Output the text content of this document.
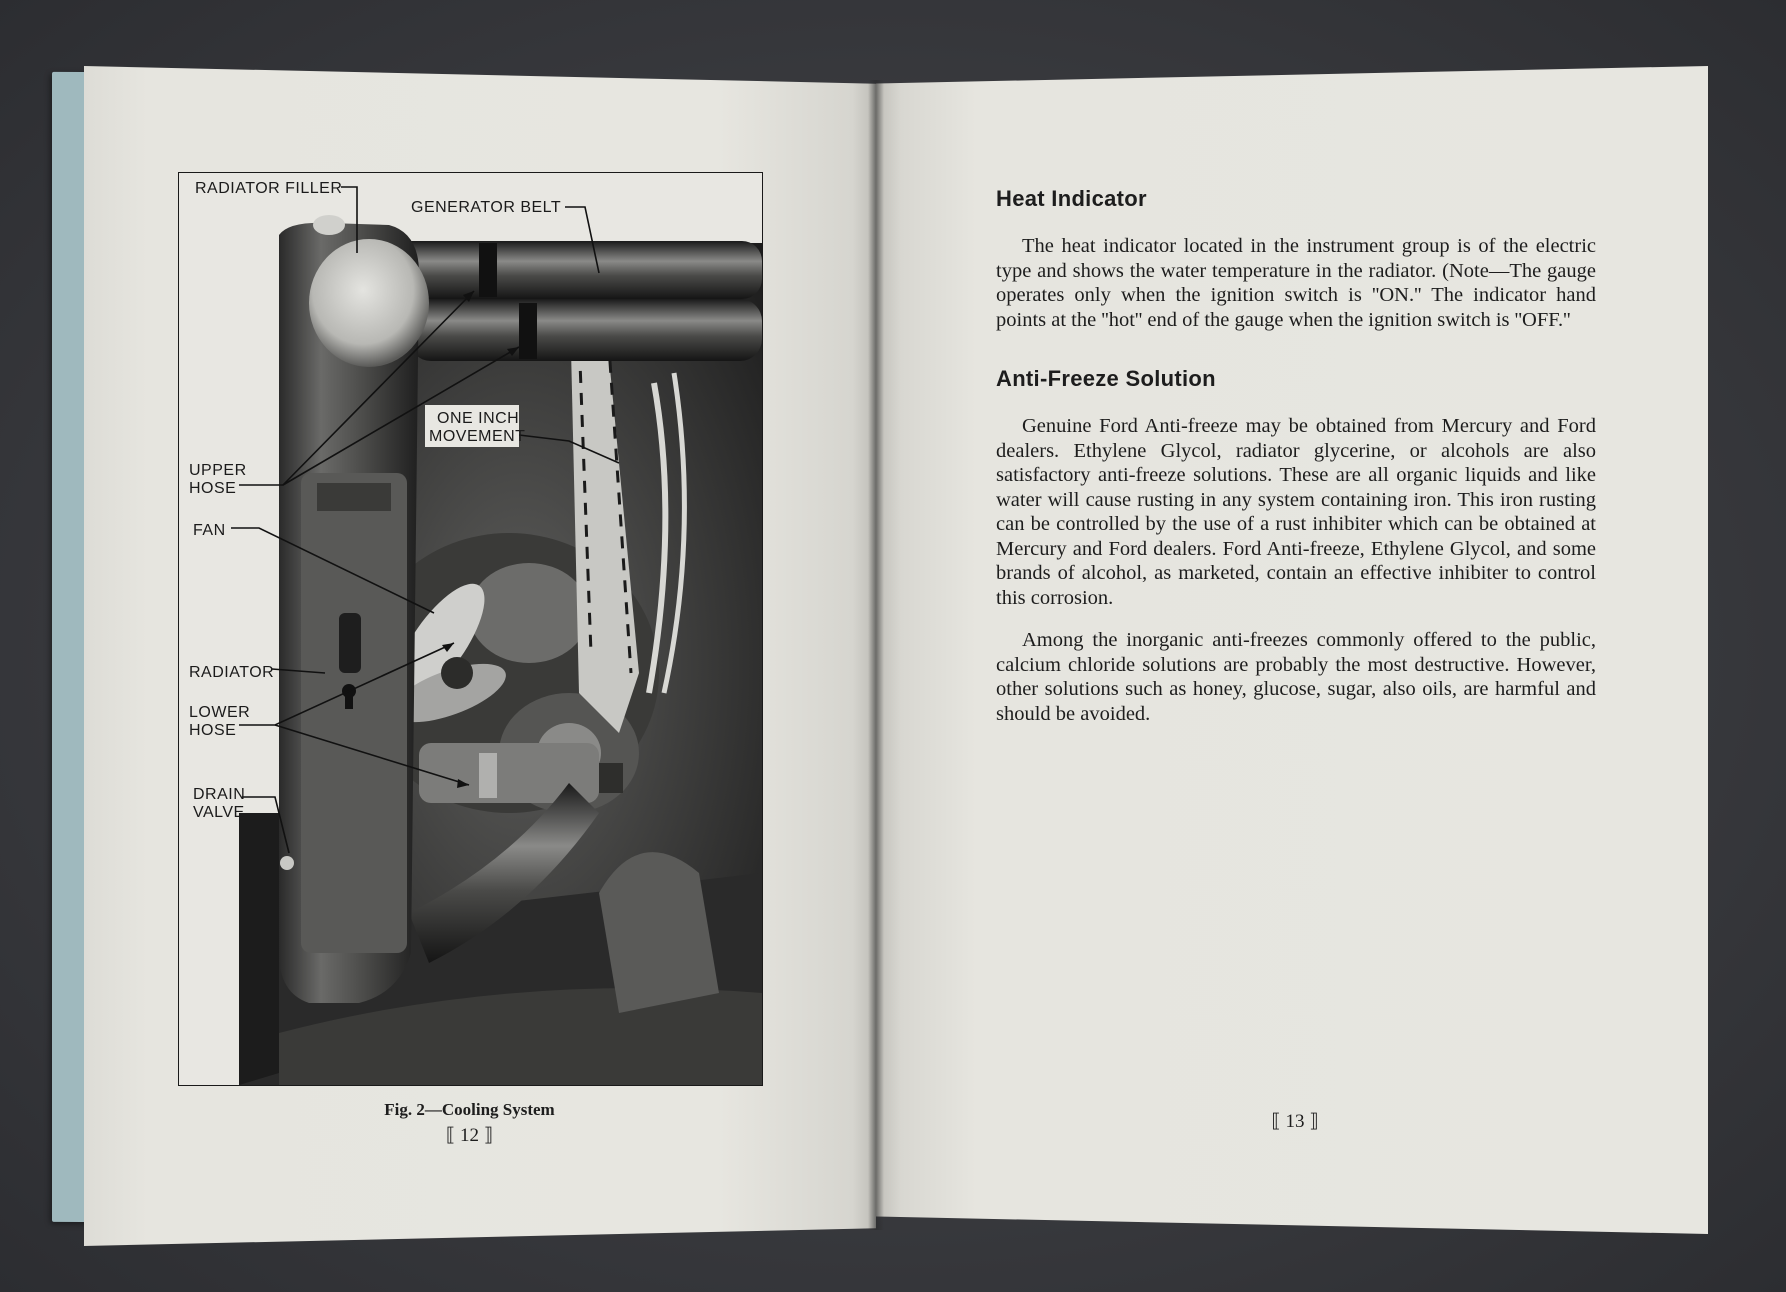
RADIATOR FILLER
GENERATOR BELT
ONE INCH
MOVEMENT
UPPER
HOSE
FAN
RADIATOR
LOWER
HOSE
DRAIN
VALVE
Fig. 2—Cooling System
⟦ 12 ⟧
Heat Indicator

The heat indicator located in the instrument group is of the electric type and shows the water temperature in the radiator. (Note—The gauge operates only when the ignition switch is ''ON.'' The indicator hand points at the ''hot'' end of the gauge when the ignition switch is ''OFF.''

Anti-Freeze Solution

Genuine Ford Anti-freeze may be obtained from Mercury and Ford dealers. Ethylene Glycol, radiator glycerine, or alcohols are also satisfactory anti-freeze solutions. These are all organic liquids and like water will cause rusting in any system containing iron. This iron rusting can be controlled by the use of a rust inhibiter which can be obtained at Mercury and Ford dealers. Ford Anti-freeze, Ethylene Glycol, and some brands of alcohol, as marketed, contain an effective inhibiter to control this corrosion.

Among the inorganic anti-freezes commonly offered to the public, calcium chloride solutions are probably the most destructive. However, other solutions such as honey, glucose, sugar, also oils, are harmful and should be avoided.

⟦ 13 ⟧
